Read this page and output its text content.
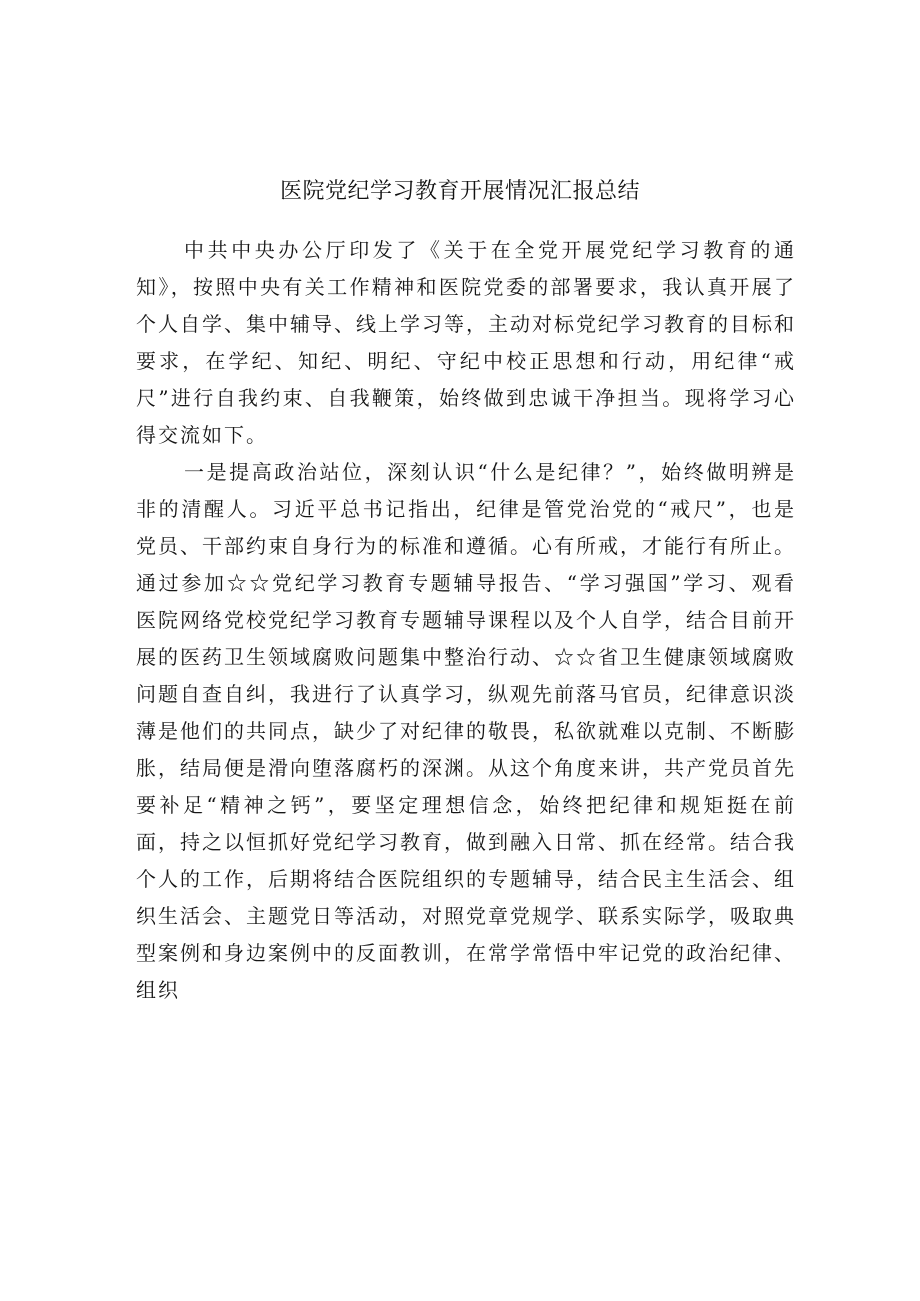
医院党纪学习教育开展情况汇报总结

中共中央办公厅印发了《关于在全党开展党纪学习教育的通知》，按照中央有关工作精神和医院党委的部署要求，我认真开展了个人自学、集中辅导、线上学习等，主动对标党纪学习教育的目标和要求，在学纪、知纪、明纪、守纪中校正思想和行动，用纪律“戒尺”进行自我约束、自我鞭策，始终做到忠诚干净担当。现将学习心得交流如下。

一是提高政治站位，深刻认识“什么是纪律？”，始终做明辨是非的清醒人。习近平总书记指出，纪律是管党治党的“戒尺”，也是党员、干部约束自身行为的标准和遵循。心有所戒，才能行有所止。通过参加☆☆党纪学习教育专题辅导报告、“学习强国”学习、观看医院网络党校党纪学习教育专题辅导课程以及个人自学，结合目前开展的医药卫生领域腐败问题集中整治行动、☆☆省卫生健康领域腐败问题自查自纠，我进行了认真学习，纵观先前落马官员，纪律意识淡薄是他们的共同点，缺少了对纪律的敬畏，私欲就难以克制、不断膨胀，结局便是滑向堕落腐朽的深渊。从这个角度来讲，共产党员首先要补足“精神之钙”，要坚定理想信念，始终把纪律和规矩挺在前面，持之以恒抓好党纪学习教育，做到融入日常、抓在经常。结合我个人的工作，后期将结合医院组织的专题辅导，结合民主生活会、组织生活会、主题党日等活动，对照党章党规学、联系实际学，吸取典型案例和身边案例中的反面教训，在常学常悟中牢记党的政治纪律、组织
